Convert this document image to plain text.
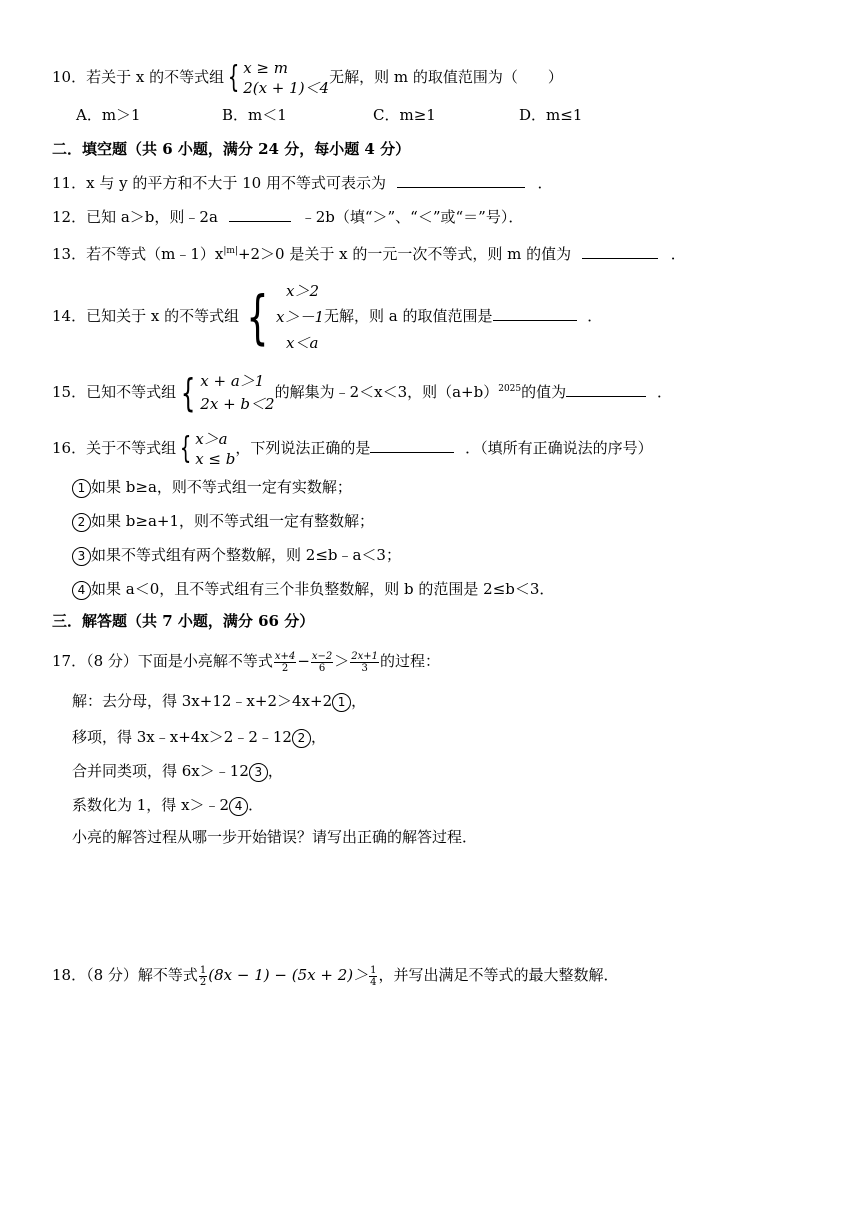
10．若关于 x 的不等式组 { x ≥ m
2(x + 1)＜4
无解，则 m 的取值范围为（　　）
A．m＞1	B．m＜1	C．m≥1	D．m≤1
二．填空题（共 6 小题，满分 24 分，每小题 4 分）
11．x 与 y 的平方和不大于 10 用不等式可表示为	．
12．已知 a＞b，则﹣2a	﹣2b（填“＞”、“＜”或“＝”号）．
13．若不等式$(m﹣1)x^{|m|}+2>0$ 是关于 x 的一元一次不等式，则 m 的值为	．
14．已知关于 x 的不等式组 {	x＞2
x＞－1
x＜a
无解，则 a 的取值范围是	．
15．已知不等式组 { x + a＞1
2x + b＜2
的解集为﹣2＜x＜3，则$(a+b)^{2025}$的值为	．
16．关于不等式组 { x＞a
x ≤ b
，下列说法正确的是	．（填所有正确说法的序号）
1 如果 b≥a，则不等式组一定有实数解；
2 如果 b≥a+1，则不等式组一定有整数解；
3 如果不等式组有两个整数解，则 2≤b﹣a＜3；
4 如果 a＜0，且不等式组有三个非负整数解，则 b 的范围是 2≤b＜3．
三．解答题（共 7 小题，满分 66 分）
17．（8 分）下面是小亮解不等式 $\frac{x+4}{2} - \frac{x-2}{6} > \frac{2x+1}{3}$ 的过程：
解：去分母，得 3x+12﹣x+2＞4x+2 1 ，
移项，得 3x﹣x+4x＞2﹣2﹣12 2 ，
合并同类项，得 6x＞﹣12 3 ，
系数化为 1，得 x＞﹣2 4 ．
小亮的解答过程从哪一步开始错误？请写出正确的解答过程．
18．（8 分）解不等式 $\frac{1}{2} (8x - 1) - (5x + 2)> \frac{1}{4}$ ，并写出满足不等式的最大整数解．
